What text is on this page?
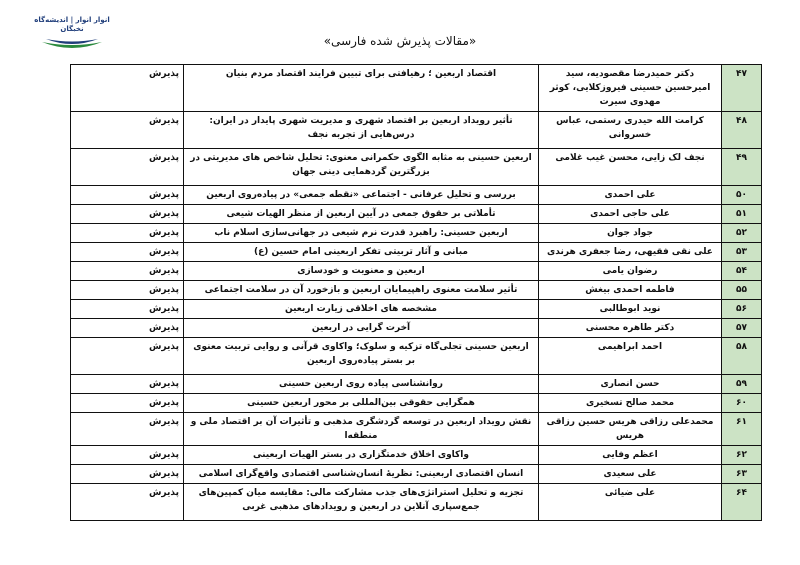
انوار انوار | اندیشه‌گاه نخبگان
«مقالات پذیرش شده فارسی»
۴۷	دکتر حمیدرضا مقصودیه، سید امیرحسین حسینی فیروزکلایی، کوثر مهدوی سیرت	اقتصاد اربعین ؛ رهیافتی برای تبیین فرایند اقتصاد مردم بنیان	پذیرش
۴۸	کرامت الله حیدری رستمی، عباس خسروانی	تأثیر رویداد اربعین بر اقتصاد شهری و مدیریت شهری پایدار در ایران: درس‌هایی از تجربه نجف	پذیرش
۴۹	نجف لک زایی، محسن غیب غلامی	اربعین حسینی به مثابه الگوی حکمرانی معنوی: تحلیل شاخص های مدیریتی در بزرگترین گردهمایی دینی جهان	پذیرش
۵۰	علی احمدی	بررسی و تحلیل عرفانی - اجتماعی «نقطه جمعی» در پیاده‌روی اربعین	پذیرش
۵۱	علی حاجی احمدی	تأملاتی بر حقوق جمعی در آیین اربعین از منظر الهیات شیعی	پذیرش
۵۲	جواد جوان	اربعین حسینی: راهبرد قدرت نرم شیعی در جهانی‌سازی اسلام ناب	پذیرش
۵۳	علی نقی فقیهی، رضا جعفری هرندی	مبانی و آثار تربیتی تفکر اربعینی امام حسین (ع)	پذیرش
۵۴	رضوان یامی	اربعین و معنویت و خودسازی	پذیرش
۵۵	فاطمه احمدی بیغش	تأثیر سلامت معنوی راهپیمایان اربعین و بازخورد آن در سلامت اجتماعی	پذیرش
۵۶	نوید ابوطالبی	مشخصه های اخلاقی زیارت اربعین	پذیرش
۵۷	دکتر طاهره محسنی	آخرت گرایی در اربعین	پذیرش
۵۸	احمد ابراهیمی	اربعین حسینی تجلی‌گاه تزکیه و سلوک؛ واکاوی قرآنی و روایی تربیت معنوی بر بستر پیاده‌روی اربعین	پذیرش
۵۹	حسن انصاری	روانشناسی پیاده روی اربعین حسینی	پذیرش
۶۰	محمد صالح تسخیری	همگرایی حقوقی بین‌المللی بر محور اربعین حسینی	پذیرش
۶۱	محمدعلی رزاقی هریس حسین رزاقی هریس	نقش رویداد اربعین در توسعه گردشگری مذهبی و تأثیرات آن بر اقتصاد ملی و منطقه‌ا	پذیرش
۶۲	اعظم وفایی	واکاوی اخلاق خدمتگزاری در بستر الهیات اربعینی	پذیرش
۶۳	علی سعیدی	انسان اقتصادی اربعینی: نظریهٔ انسان‌شناسی اقتصادی واقع‌گرای اسلامی	پذیرش
۶۴	علی ضیائی	تجزیه و تحلیل استراتژی‌های جذب مشارکت مالی: مقایسه میان کمپین‌های جمع‌سپاری آنلاین در اربعین و رویدادهای مذهبی غربی	پذیرش
